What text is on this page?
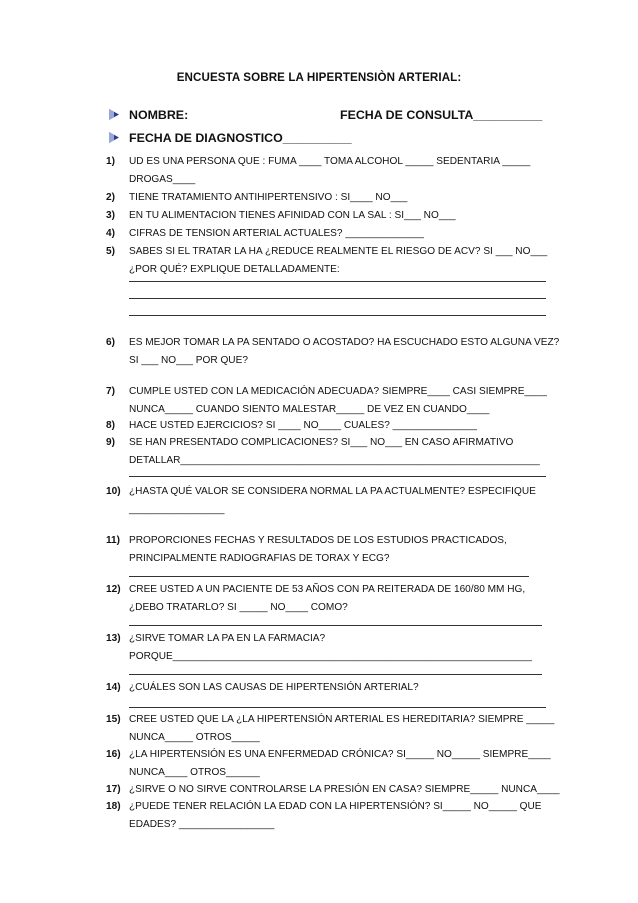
ENCUESTA SOBRE LA HIPERTENSIÒN ARTERIAL:
NOMBRE:	FECHA DE CONSULTA__________
FECHA DE DIAGNOSTICO__________
1) UD ES UNA PERSONA QUE : FUMA ____ TOMA ALCOHOL _____ SEDENTARIA _____
DROGAS____
2) TIENE TRATAMIENTO ANTIHIPERTENSIVO : SI____ NO___
3) EN TU ALIMENTACION TIENES AFINIDAD CON LA SAL : SI___ NO___
4) CIFRAS DE TENSION ARTERIAL ACTUALES? ______________
5) SABES SI EL TRATAR LA HA ¿REDUCE REALMENTE EL RIESGO DE ACV? SI ___ NO___
¿POR QUÉ? EXPLIQUE DETALLADAMENTE:
6) ES MEJOR TOMAR LA PA SENTADO O ACOSTADO? HA ESCUCHADO ESTO ALGUNA VEZ?
SI ___ NO___ POR QUE?
7) CUMPLE USTED CON LA MEDICACIÓN ADECUADA? SIEMPRE____ CASI SIEMPRE____
NUNCA_____ CUANDO SIENTO MALESTAR_____ DE VEZ EN CUANDO____
8) HACE USTED EJERCICIOS? SI ____ NO____ CUALES? _______________
9) SE HAN PRESENTADO COMPLICACIONES? SI___ NO___ EN CASO AFIRMATIVO
DETALLAR________________________________________________________________
10) ¿HASTA QUÉ VALOR SE CONSIDERA NORMAL LA PA ACTUALMENTE? ESPECIFIQUE
_________________
11) PROPORCIONES FECHAS Y RESULTADOS DE LOS ESTUDIOS PRACTICADOS,
PRINCIPALMENTE RADIOGRAFIAS DE TORAX Y ECG?
12) CREE USTED A UN PACIENTE DE 53 AÑOS CON PA REITERADA DE 160/80 MM HG,
¿DEBO TRATARLO? SI _____ NO____ COMO?
13) ¿SIRVE TOMAR LA PA EN LA FARMACIA?
PORQUE________________________________________________________________
14) ¿CUÁLES SON LAS CAUSAS DE HIPERTENSIÓN ARTERIAL?
15) CREE USTED QUE LA ¿LA HIPERTENSIÓN ARTERIAL ES HEREDITARIA? SIEMPRE _____
NUNCA_____ OTROS_____
16) ¿LA HIPERTENSIÓN ES UNA ENFERMEDAD CRÓNICA? SI_____ NO_____ SIEMPRE____
NUNCA____ OTROS______
17) ¿SIRVE O NO SIRVE CONTROLARSE LA PRESIÓN EN CASA? SIEMPRE_____ NUNCA____
18) ¿PUEDE TENER RELACIÓN LA EDAD CON LA HIPERTENSIÓN? SI_____ NO_____ QUE
EDADES? _________________
